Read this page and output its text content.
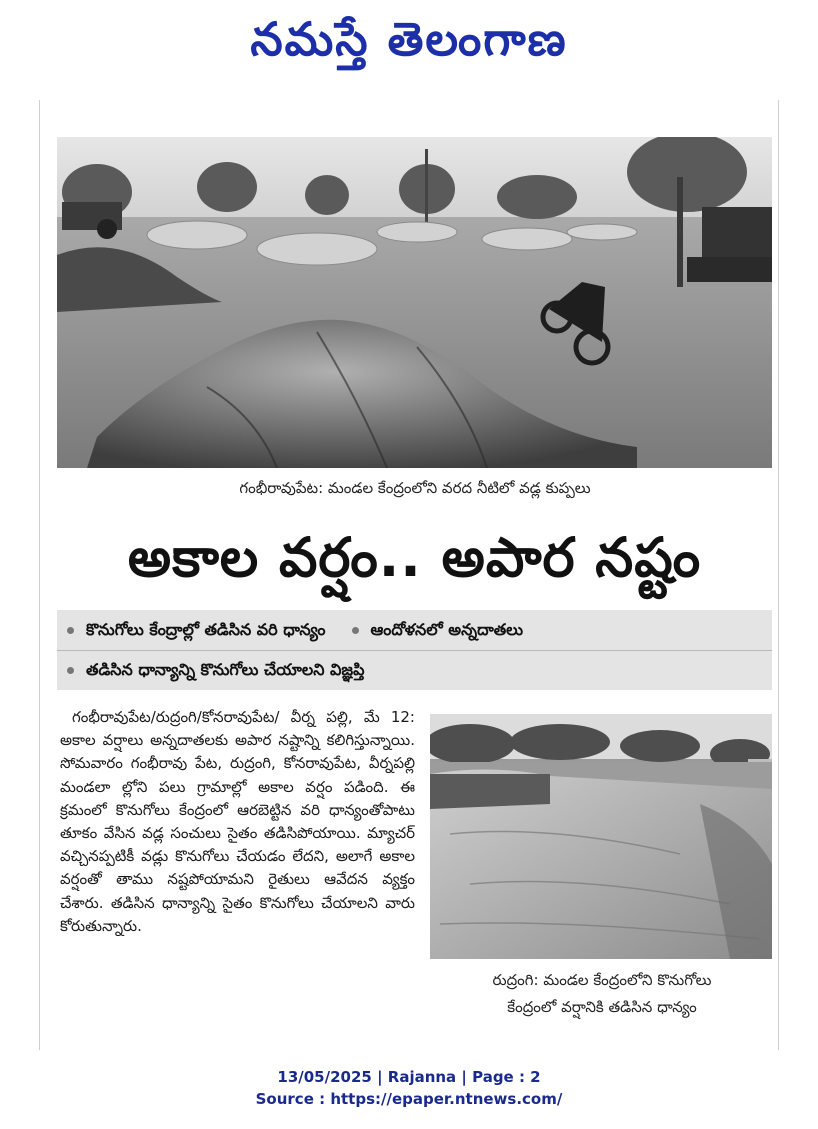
నమస్తే తెలంగాణ
గంభీరావుపేట: మండల కేంద్రంలోని వరద నీటిలో వడ్ల కుప్పలు
అకాల వర్షం.. అపార నష్టం
కొనుగోలు కేంద్రాల్లో తడిసిన వరి ధాన్యం	ఆందోళనలో అన్నదాతలు
తడిసిన ధాన్యాన్ని కొనుగోలు చేయాలని విజ్ఞప్తి
గంభీరావుపేట/రుద్రంగి/కోనరావుపేట/ వీర్న పల్లి, మే 12: అకాల వర్షాలు అన్నదాతలకు అపార నష్టాన్ని కలిగిస్తున్నాయి. సోమవారం గంభీరావు పేట, రుద్రంగి, కోనరావుపేట, వీర్నపల్లి మండలా ల్లోని పలు గ్రామాల్లో అకాల వర్షం పడింది. ఈ క్రమంలో కొనుగోలు కేంద్రంలో ఆరబెట్టిన వరి ధాన్యంతోపాటు తూకం వేసిన వడ్ల సంచులు సైతం తడిసిపోయాయి. మ్యాచర్ వచ్చినప్పటికీ వడ్లు కొనుగోలు చేయడం లేదని, అలాగే అకాల వర్షంతో తాము నష్టపోయామని రైతులు ఆవేదన వ్యక్తం చేశారు. తడిసిన ధాన్యాన్ని సైతం కొనుగోలు చేయాలని వారు కోరుతున్నారు.
రుద్రంగి: మండల కేంద్రంలోని కొనుగోలు
కేంద్రంలో వర్షానికి తడిసిన ధాన్యం
13/05/2025 | Rajanna | Page : 2
Source : https://epaper.ntnews.com/
